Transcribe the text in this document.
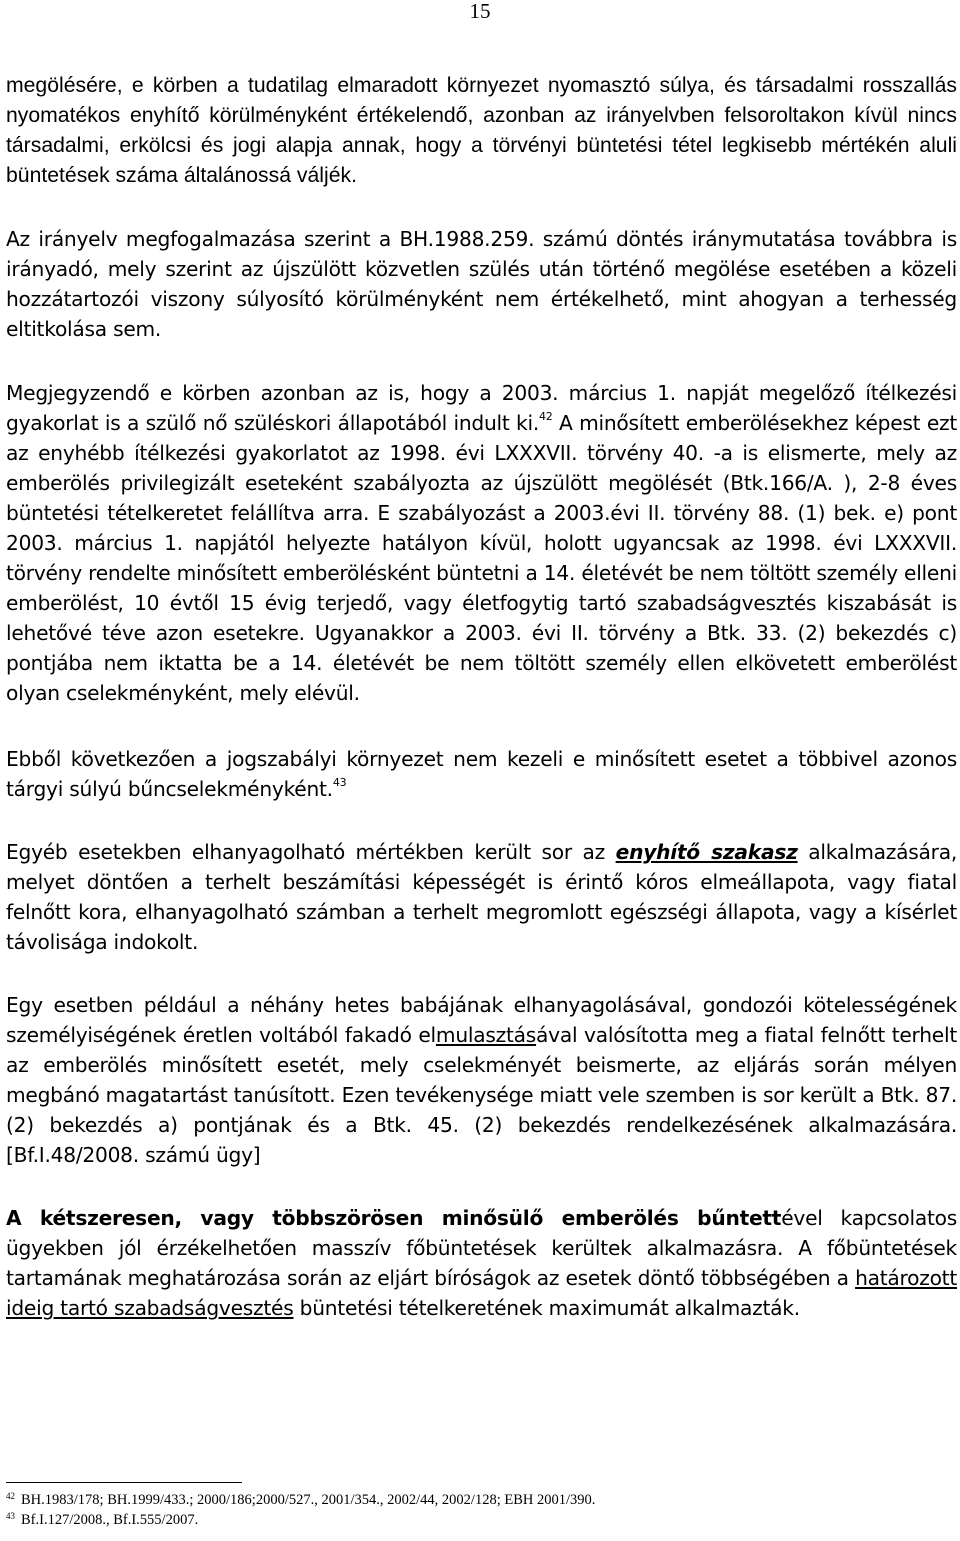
15

megölésére, e körben a tudatilag elmaradott környezet nyomasztó súlya, és társadalmi rosszallás nyomatékos enyhítő körülményként értékelendő, azonban az irányelvben felsoroltakon kívül nincs társadalmi, erkölcsi és jogi alapja annak, hogy a törvényi büntetési tétel legkisebb mértékén aluli büntetések száma általánossá váljék.

Az irányelv megfogalmazása szerint a BH.1988.259. számú döntés iránymutatása továbbra is irányadó, mely szerint az újszülött közvetlen szülés után történő megölése esetében a közeli hozzátartozói viszony súlyosító körülményként nem értékelhető, mint ahogyan a terhesség eltitkolása sem.

Megjegyzendő e körben azonban az is, hogy a 2003. március 1. napját megelőző ítélkezési gyakorlat is a szülő nő szüléskori állapotából indult ki.$^{42}$ A minősített emberölésekhez képest ezt az enyhébb ítélkezési gyakorlatot az 1998. évi LXXXVII. törvény 40. -a is elismerte, mely az emberölés privilegizált eseteként szabályozta az újszülött megölését (Btk.166/A. ), 2-8 éves büntetési tételkeretet felállítva arra. E szabályozást a 2003.évi II. törvény 88. (1) bek. e) pont 2003. március 1. napjától helyezte hatályon kívül, holott ugyancsak az 1998. évi LXXXVII. törvény rendelte minősített emberölésként büntetni a 14. életévét be nem töltött személy elleni emberölést, 10 évtől 15 évig terjedő, vagy életfogytig tartó szabadságvesztés kiszabását is lehetővé téve azon esetekre. Ugyanakkor a 2003. évi II. törvény a Btk. 33. (2) bekezdés c) pontjába nem iktatta be a 14. életévét be nem töltött személy ellen elkövetett emberölést olyan cselekményként, mely elévül.

Ebből következően a jogszabályi környezet nem kezeli e minősített esetet a többivel azonos tárgyi súlyú bűncselekményként.$^{43}$

Egyéb esetekben elhanyagolható mértékben került sor az enyhítő szakasz alkalmazására, melyet döntően a terhelt beszámítási képességét is érintő kóros elmeállapota, vagy fiatal felnőtt kora, elhanyagolható számban a terhelt megromlott egészségi állapota, vagy a kísérlet távolisága indokolt.

Egy esetben például a néhány hetes babájának elhanyagolásával, gondozói kötelességének személyiségének éretlen voltából fakadó elmulasztásával valósította meg a fiatal felnőtt terhelt az emberölés minősített esetét, mely cselekményét beismerte, az eljárás során mélyen megbánó magatartást tanúsított. Ezen tevékenysége miatt vele szemben is sor került a Btk. 87. (2) bekezdés a) pontjának és a Btk. 45. (2) bekezdés rendelkezésének alkalmazására. [Bf.I.48/2008. számú ügy]

A kétszeresen, vagy többszörösen minősülő emberölés bűntettével kapcsolatos ügyekben jól érzékelhetően masszív főbüntetések kerültek alkalmazásra. A főbüntetések tartamának meghatározása során az eljárt bíróságok az esetek döntő többségében a határozott ideig tartó szabadságvesztés büntetési tételkeretének maximumát alkalmazták.

$^{42}$ BH.1983/178; BH.1999/433.; 2000/186;2000/527., 2001/354., 2002/44, 2002/128; EBH 2001/390.
$^{43}$ Bf.I.127/2008., Bf.I.555/2007.
